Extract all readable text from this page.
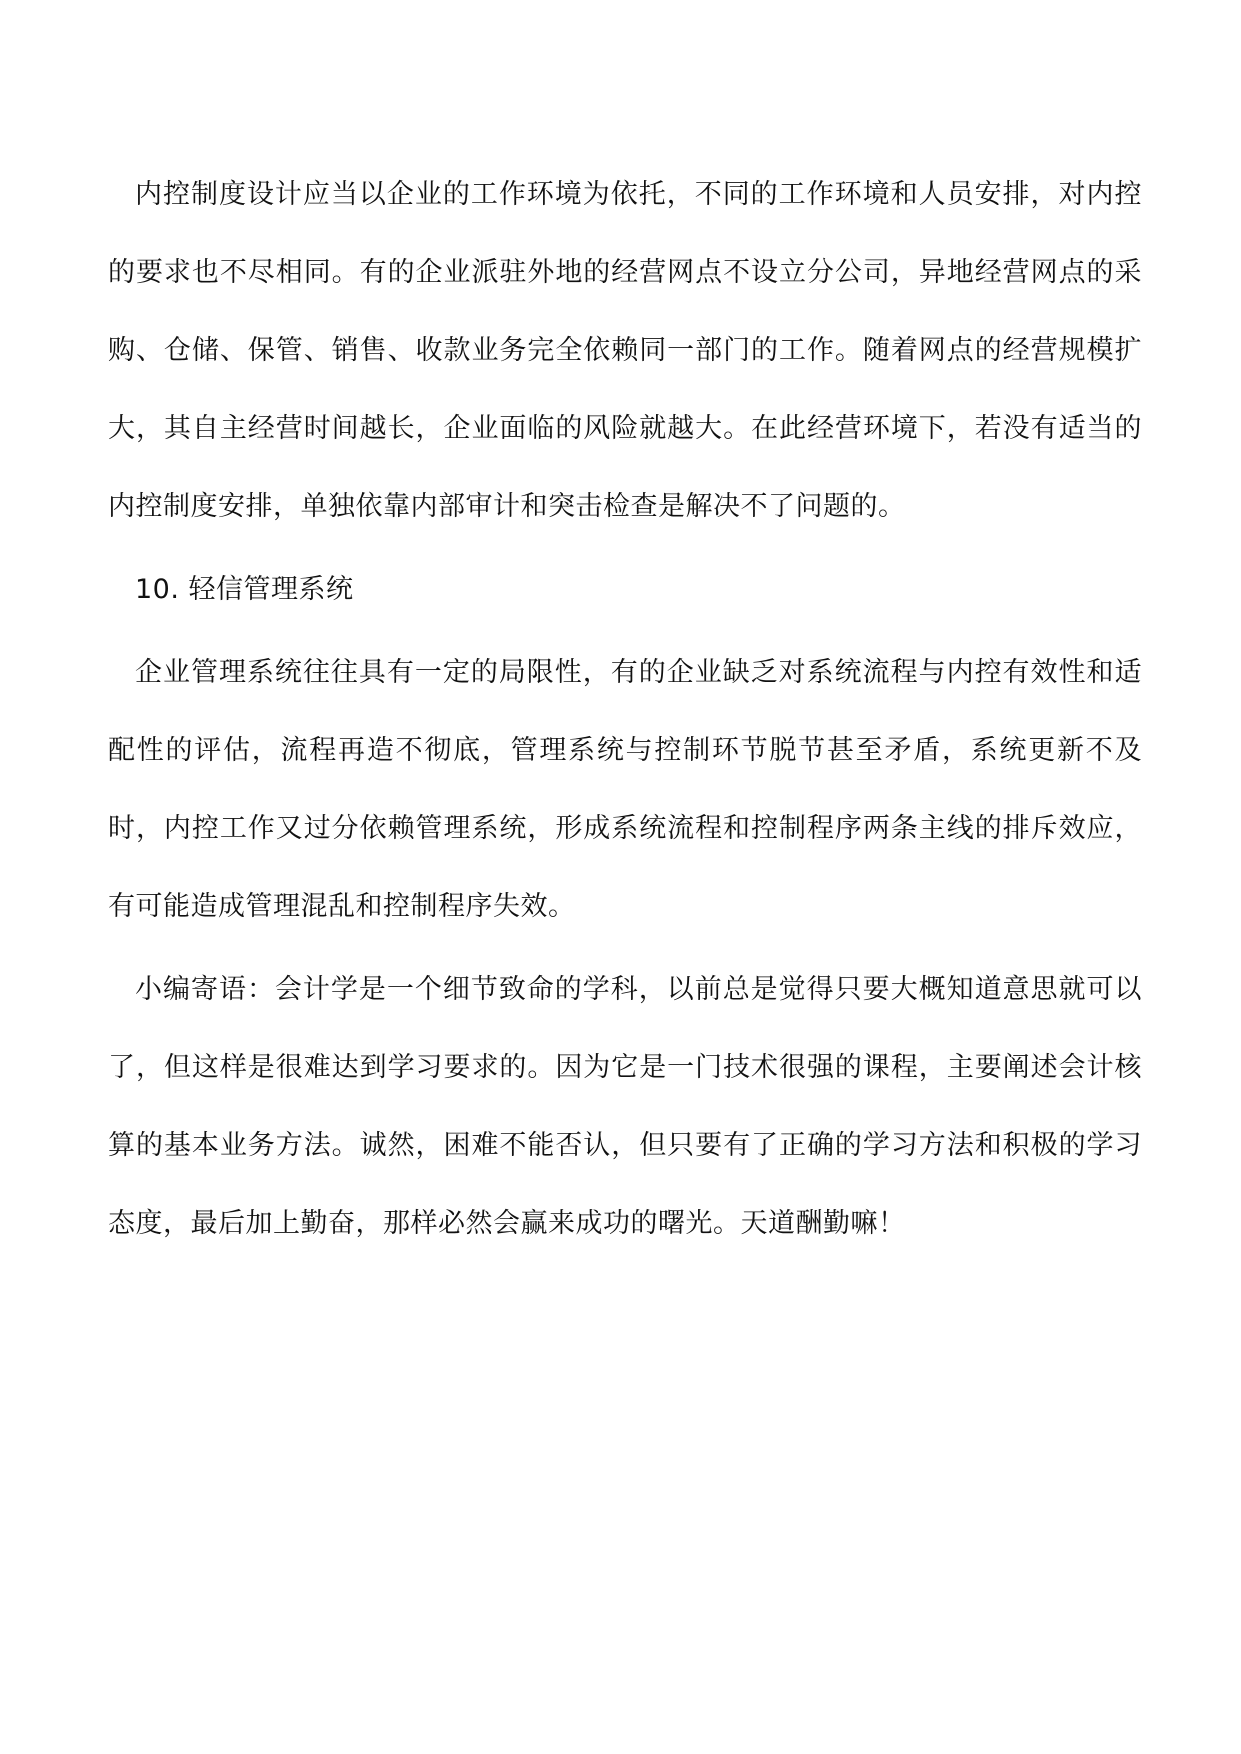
内控制度设计应当以企业的工作环境为依托，不同的工作环境和人员安排，对内控的要求也不尽相同。有的企业派驻外地的经营网点不设立分公司，异地经营网点的采购、仓储、保管、销售、收款业务完全依赖同一部门的工作。随着网点的经营规模扩大，其自主经营时间越长，企业面临的风险就越大。在此经营环境下，若没有适当的内控制度安排，单独依靠内部审计和突击检查是解决不了问题的。

10. 轻信管理系统

企业管理系统往往具有一定的局限性，有的企业缺乏对系统流程与内控有效性和适配性的评估，流程再造不彻底，管理系统与控制环节脱节甚至矛盾，系统更新不及时，内控工作又过分依赖管理系统，形成系统流程和控制程序两条主线的排斥效应，有可能造成管理混乱和控制程序失效。

小编寄语：会计学是一个细节致命的学科，以前总是觉得只要大概知道意思就可以了，但这样是很难达到学习要求的。因为它是一门技术很强的课程，主要阐述会计核算的基本业务方法。诚然，困难不能否认，但只要有了正确的学习方法和积极的学习态度，最后加上勤奋，那样必然会赢来成功的曙光。天道酬勤嘛！
